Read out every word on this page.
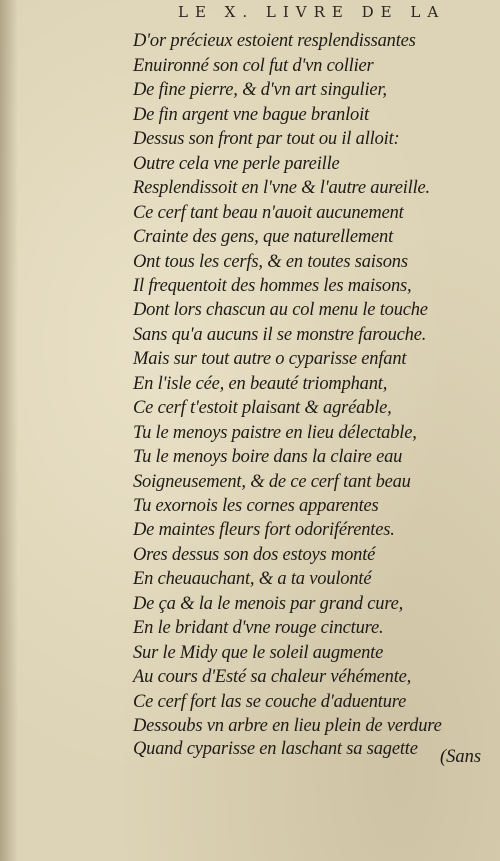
LE X. LIVRE DE LA
D'or précieux estoient resplendissantes
Enuironné son col fut d'vn collier
De fine pierre, & d'vn art singulier,
De fin argent vne bague branloit
Dessus son front par tout ou il alloit:
Outre cela vne perle pareille
Resplendissoit en l'vne & l'autre aureille.
Ce cerf tant beau n'auoit aucunement
Crainte des gens, que naturellement
Ont tous les cerfs, & en toutes saisons
Il frequentoit des hommes les maisons,
Dont lors chascun au col menu le touche
Sans qu'a aucuns il se monstre farouche.
Mais sur tout autre o cyparisse enfant
En l'isle cée, en beauté triomphant,
Ce cerf t'estoit plaisant & agréable,
Tu le menoys paistre en lieu délectable,
Tu le menoys boire dans la claire eau
Soigneusement, & de ce cerf tant beau
Tu exornois les cornes apparentes
De maintes fleurs fort odoriférentes.
Ores dessus son dos estoys monté
En cheuauchant, & a ta voulonté
De ça & la le menois par grand cure,
En le bridant d'vne rouge cincture.
Sur le Midy que le soleil augmente
Au cours d'Esté sa chaleur véhémente,
Ce cerf fort las se couche d'aduenture
Dessoubs vn arbre en lieu plein de verdure
Quand cyparisse en laschant sa sagette (Sans
